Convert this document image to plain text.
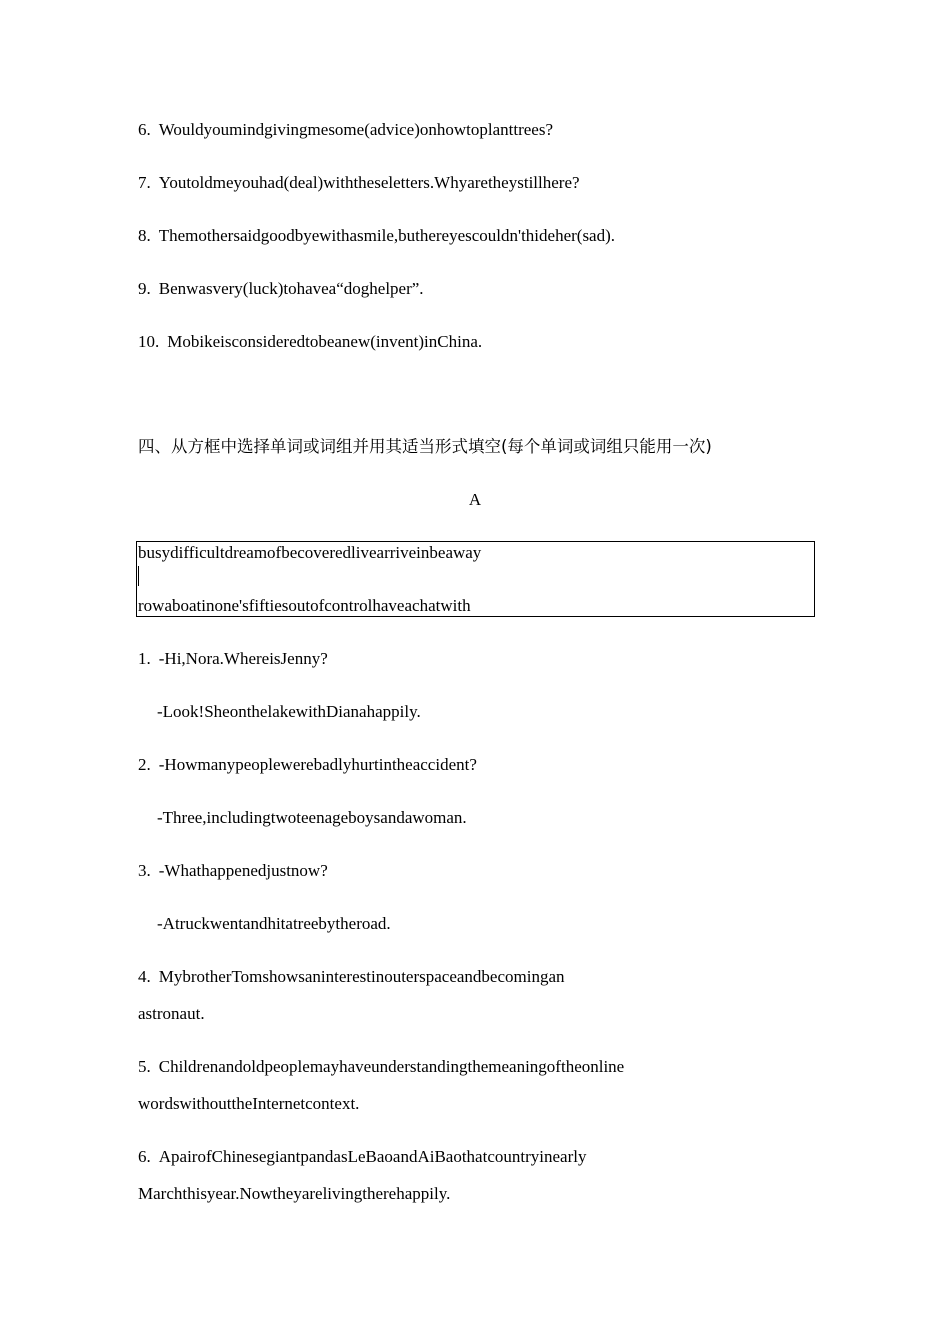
6. Wouldyoumindgivingmesome(advice)onhowtoplanttrees?
7. Youtoldmeyouhad(deal)withtheseletters.Whyaretheystillhere?
8. Themothersaidgoodbyewithasmile,buthereyescouldn'thideher(sad).
9. Benwasvery(luck)tohavea“doghelper”.
10. Mobikeisconsideredtobeanew(invent)inChina.
四、从方框中选择单词或词组并用其适当形式填空(每个单词或词组只能用一次)
A
busydifficultdreamofbecoveredlivearriveinbeaway
rowaboatinone'sfiftiesoutofcontrolhaveachatwith
1. -Hi,Nora.WhereisJenny?
-Look!SheonthelakewithDianahappily.
2. -Howmanypeoplewerebadlyhurtintheaccident?
-Three,includingtwoteenageboysandawoman.
3. -Whathappenedjustnow?
-Atruckwentandhitatreebytheroad.
4. MybrotherTomshowsaninterestinouterspaceandbecomingan
astronaut.
5. Childrenandoldpeoplemayhaveunderstandingthemeaningoftheonline
wordswithouttheInternetcontext.
6. ApairofChinesegiantpandasLeBaoandAiBaothatcountryinearly
Marchthisyear.Nowtheyarelivingtherehappily.
